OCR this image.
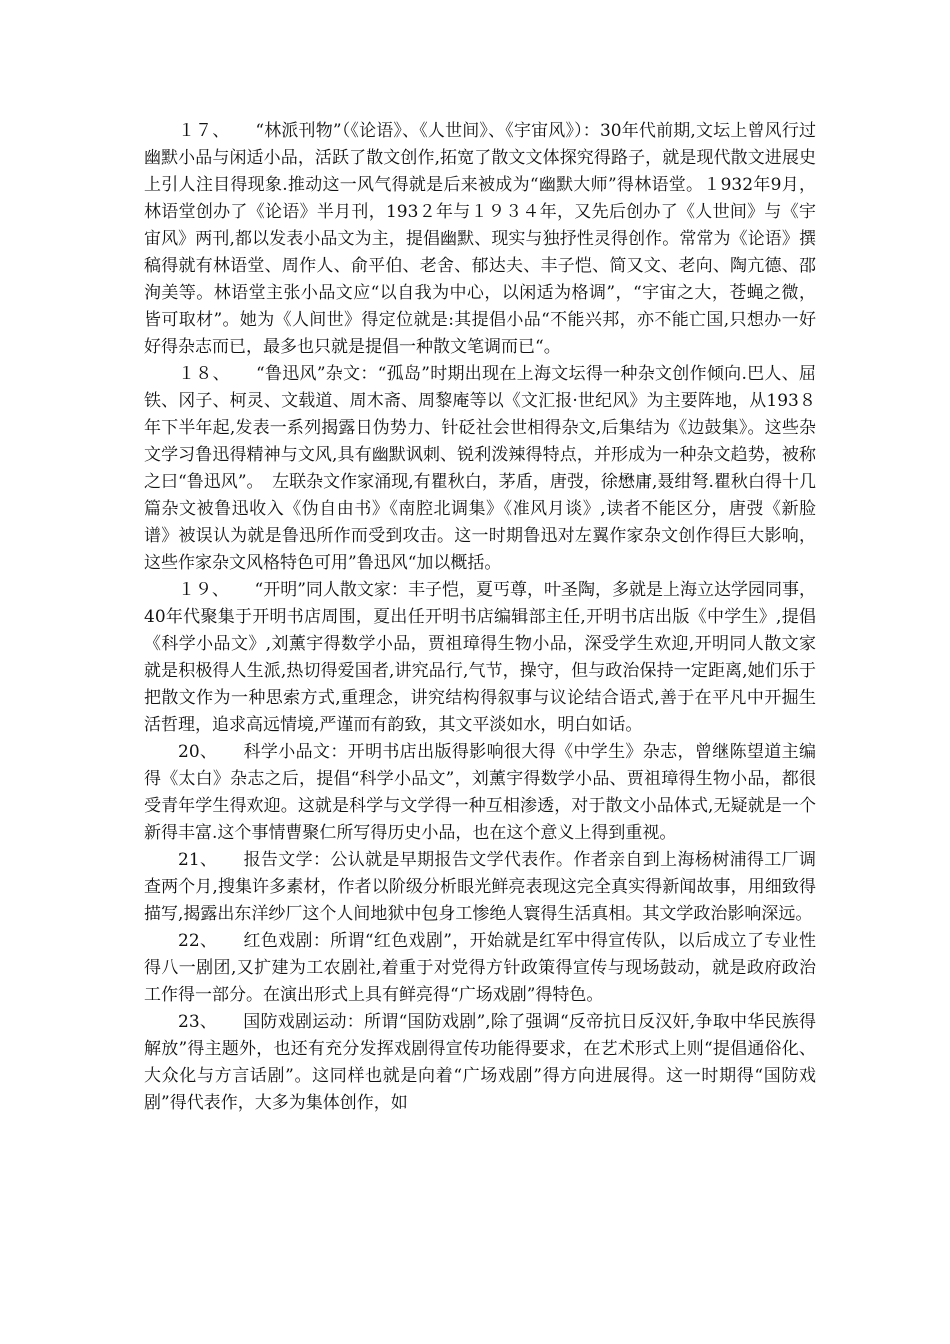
１７、　　 “林派刊物”（《论语》、《人世间》、《宇宙风》）：30年代前期,文坛上曾风行过幽默小品与闲适小品，活跃了散文创作,拓宽了散文文体探究得路子，就是现代散文进展史上引人注目得现象.推动这一风气得就是后来被成为“幽默大师”得林语堂。１932年9月，林语堂创办了《论语》半月刊，193２年与１９３４年，又先后创办了《人世间》与《宇宙风》两刊,都以发表小品文为主，提倡幽默、现实与独抒性灵得创作。常常为《论语》撰稿得就有林语堂、周作人、俞平伯、老舍、郁达夫、丰子恺、简又文、老向、陶亢德、邵洵美等。林语堂主张小品文应“以自我为中心，以闲适为格调”，“宇宙之大，苍蝇之微，皆可取材”。她为《人间世》得定位就是:其提倡小品“不能兴邦，亦不能亡国,只想办一好好得杂志而已，最多也只就是提倡一种散文笔调而已“。

１８、　　 “鲁迅风”杂文：“孤岛”时期出现在上海文坛得一种杂文创作倾向.巴人、屈铁、冈子、柯灵、文载道、周木斋、周黎庵等以《文汇报·世纪风》为主要阵地，从193８年下半年起,发表一系列揭露日伪势力、针砭社会世相得杂文,后集结为《边鼓集》。这些杂文学习鲁迅得精神与文风,具有幽默讽刺、锐利泼辣得特点，并形成为一种杂文趋势，被称之曰“鲁迅风”。　左联杂文作家涌现,有瞿秋白，茅盾，唐弢，徐懋庸,聂绀弩.瞿秋白得十几篇杂文被鲁迅收入《伪自由书》《南腔北调集》《准风月谈》,读者不能区分，唐弢《新脸谱》被误认为就是鲁迅所作而受到攻击。这一时期鲁迅对左翼作家杂文创作得巨大影响，这些作家杂文风格特色可用”鲁迅风“加以概括。

１９、　　 “开明”同人散文家：丰子恺，夏丐尊，叶圣陶，多就是上海立达学园同事，40年代聚集于开明书店周围，夏出任开明书店编辑部主任,开明书店出版《中学生》,提倡《科学小品文》,刘薰宇得数学小品，贾祖璋得生物小品，深受学生欢迎,开明同人散文家就是积极得人生派,热切得爱国者,讲究品行,气节，操守，但与政治保持一定距离,她们乐于把散文作为一种思索方式,重理念，讲究结构得叙事与议论结合语式,善于在平凡中开掘生活哲理，追求高远情境,严谨而有韵致，其文平淡如水，明白如话。

20、　　 科学小品文：开明书店出版得影响很大得《中学生》杂志，曾继陈望道主编得《太白》杂志之后，提倡“科学小品文”，刘薰宇得数学小品、贾祖璋得生物小品，都很受青年学生得欢迎。这就是科学与文学得一种互相渗透，对于散文小品体式,无疑就是一个新得丰富.这个事情曹聚仁所写得历史小品，也在这个意义上得到重视。

21、　　 报告文学：公认就是早期报告文学代表作。作者亲自到上海杨树浦得工厂调查两个月,搜集许多素材，作者以阶级分析眼光鲜亮表现这完全真实得新闻故事，用细致得描写,揭露出东洋纱厂这个人间地狱中包身工惨绝人寰得生活真相。其文学政治影响深远。

22、　　 红色戏剧：所谓“红色戏剧”，开始就是红军中得宣传队，以后成立了专业性得八一剧团,又扩建为工农剧社,着重于对党得方针政策得宣传与现场鼓动，就是政府政治工作得一部分。在演出形式上具有鲜亮得“广场戏剧”得特色。

23、　　 国防戏剧运动：所谓“国防戏剧”,除了强调“反帝抗日反汉奸,争取中华民族得解放”得主题外，也还有充分发挥戏剧得宣传功能得要求，在艺术形式上则“提倡通俗化、大众化与方言话剧”。这同样也就是向着“广场戏剧”得方向进展得。这一时期得“国防戏剧”得代表作，大多为集体创作，如
